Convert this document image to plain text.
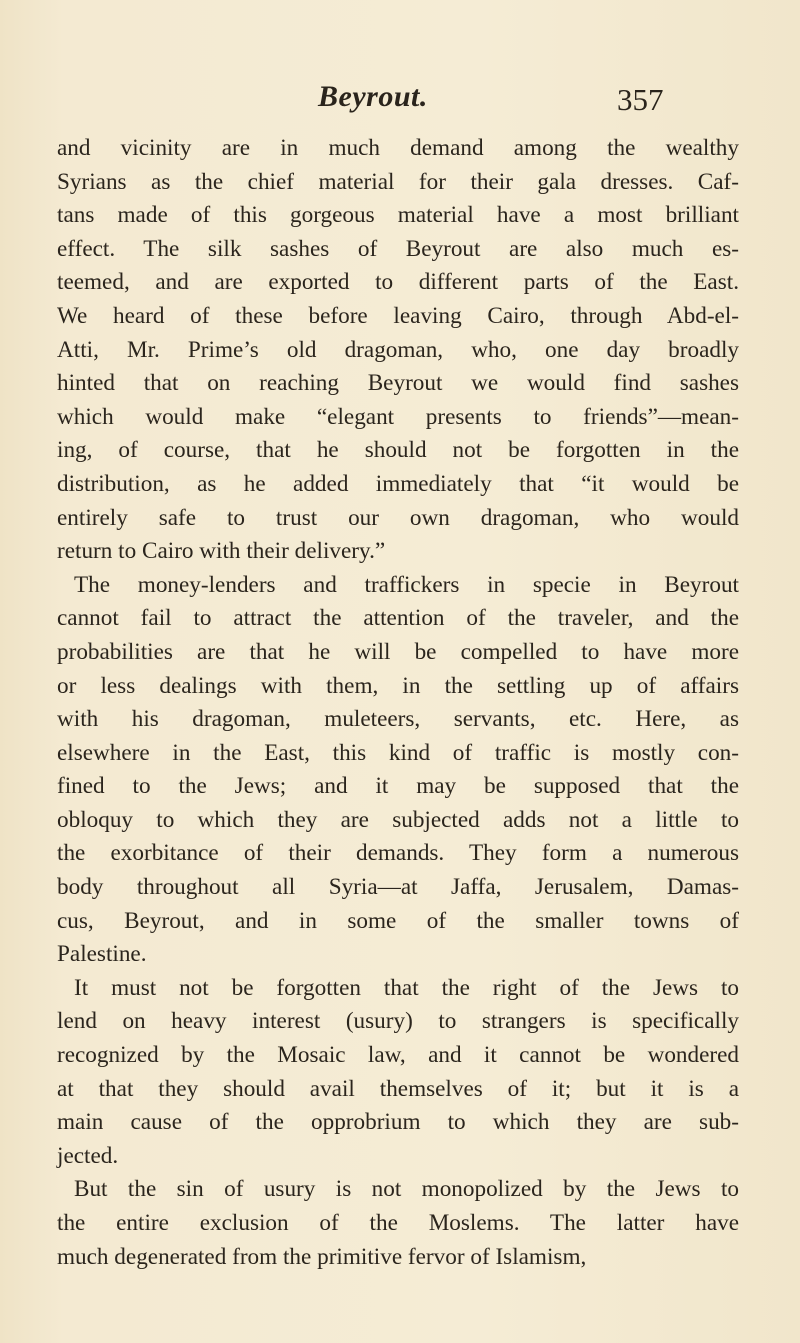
Beyrout.	357
and vicinity are in much demand among the wealthy
Syrians as the chief material for their gala dresses. Caf-
tans made of this gorgeous material have a most brilliant
effect. The silk sashes of Beyrout are also much es-
teemed, and are exported to different parts of the East.
We heard of these before leaving Cairo, through Abd-el-
Atti, Mr. Prime’s old dragoman, who, one day broadly
hinted that on reaching Beyrout we would find sashes
which would make “elegant presents to friends”—mean-
ing, of course, that he should not be forgotten in the
distribution, as he added immediately that “it would be
entirely safe to trust our own dragoman, who would
return to Cairo with their delivery.”
The money-lenders and traffickers in specie in Beyrout
cannot fail to attract the attention of the traveler, and the
probabilities are that he will be compelled to have more
or less dealings with them, in the settling up of affairs
with his dragoman, muleteers, servants, etc. Here, as
elsewhere in the East, this kind of traffic is mostly con-
fined to the Jews; and it may be supposed that the
obloquy to which they are subjected adds not a little to
the exorbitance of their demands. They form a numerous
body throughout all Syria—at Jaffa, Jerusalem, Damas-
cus, Beyrout, and in some of the smaller towns of
Palestine.
It must not be forgotten that the right of the Jews to
lend on heavy interest (usury) to strangers is specifically
recognized by the Mosaic law, and it cannot be wondered
at that they should avail themselves of it; but it is a
main cause of the opprobrium to which they are sub-
jected.
But the sin of usury is not monopolized by the Jews to
the entire exclusion of the Moslems. The latter have
much degenerated from the primitive fervor of Islamism,
